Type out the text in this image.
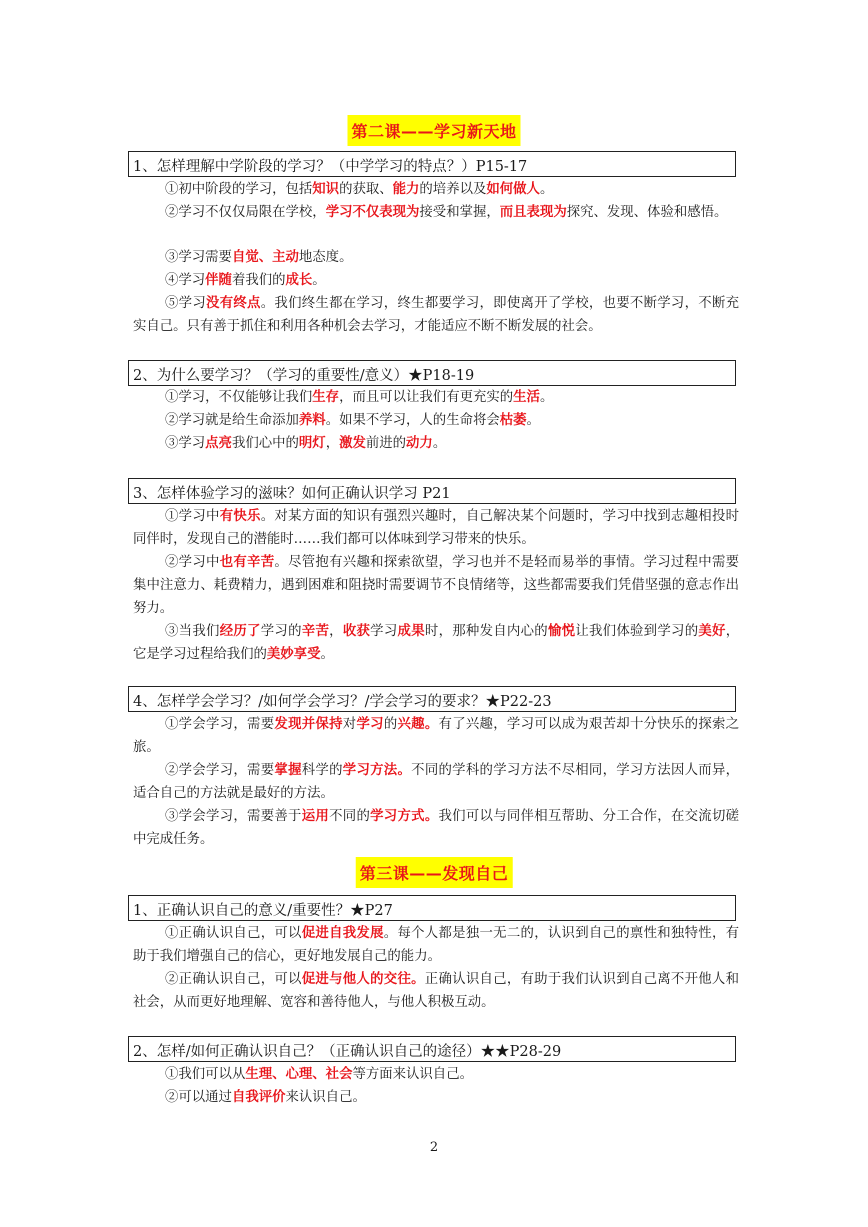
第二课——学习新天地
1、怎样理解中学阶段的学习？（中学学习的特点？）P15-17
①初中阶段的学习，包括知识的获取、能力的培养以及如何做人。
②学习不仅仅局限在学校，学习不仅表现为接受和掌握，而且表现为探究、发现、体验和感悟。
③学习需要自觉、主动地态度。
④学习伴随着我们的成长。
⑤学习没有终点。我们终生都在学习，终生都要学习，即使离开了学校，也要不断学习，不断充实自己。只有善于抓住和利用各种机会去学习，才能适应不断不断发展的社会。
2、为什么要学习？（学习的重要性/意义）★P18-19
①学习，不仅能够让我们生存，而且可以让我们有更充实的生活。
②学习就是给生命添加养料。如果不学习，人的生命将会枯萎。
③学习点亮我们心中的明灯，激发前进的动力。
3、怎样体验学习的滋味？如何正确认识学习 P21
①学习中有快乐。对某方面的知识有强烈兴趣时，自己解决某个问题时，学习中找到志趣相投时同伴时，发现自己的潜能时……我们都可以体味到学习带来的快乐。
②学习中也有辛苦。尽管抱有兴趣和探索欲望，学习也并不是轻而易举的事情。学习过程中需要集中注意力、耗费精力，遇到困难和阻挠时需要调节不良情绪等，这些都需要我们凭借坚强的意志作出努力。
③当我们经历了学习的辛苦，收获学习成果时，那种发自内心的愉悦让我们体验到学习的美好，它是学习过程给我们的美妙享受。
4、怎样学会学习？/如何学会学习？/学会学习的要求？★P22-23
①学会学习，需要发现并保持对学习的兴趣。有了兴趣，学习可以成为艰苦却十分快乐的探索之旅。
②学会学习，需要掌握科学的学习方法。不同的学科的学习方法不尽相同，学习方法因人而异，适合自己的方法就是最好的方法。
③学会学习，需要善于运用不同的学习方式。我们可以与同伴相互帮助、分工合作，在交流切磋中完成任务。
第三课——发现自己
1、正确认识自己的意义/重要性？★P27
①正确认识自己，可以促进自我发展。每个人都是独一无二的，认识到自己的禀性和独特性，有助于我们增强自己的信心，更好地发展自己的能力。
②正确认识自己，可以促进与他人的交往。正确认识自己，有助于我们认识到自己离不开他人和社会，从而更好地理解、宽容和善待他人，与他人积极互动。
2、怎样/如何正确认识自己？（正确认识自己的途径）★★P28-29
①我们可以从生理、心理、社会等方面来认识自己。
②可以通过自我评价来认识自己。
2
